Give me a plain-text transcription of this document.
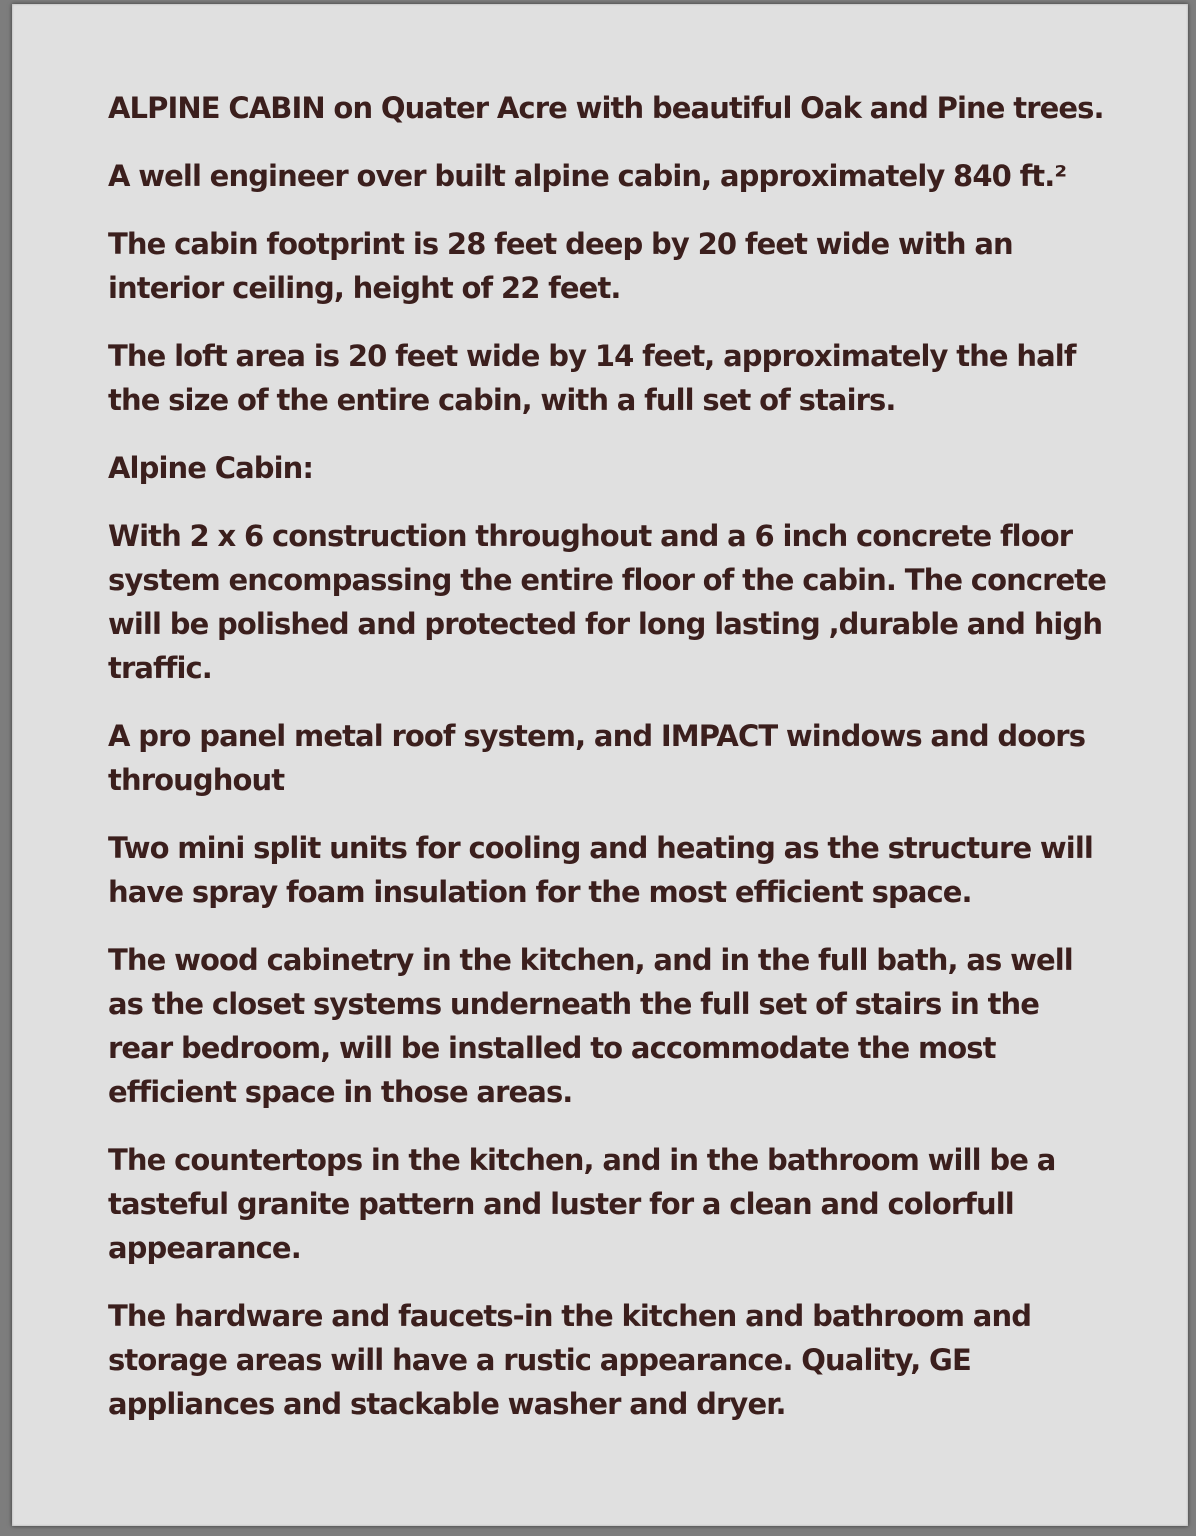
ALPINE CABIN on Quater Acre with beautiful Oak and Pine trees.

A well engineer over built alpine cabin, approximately 840 ft.²

The cabin footprint is 28 feet deep by 20 feet wide with an interior ceiling, height of 22 feet.

The loft area is 20 feet wide by 14 feet, approximately the half the size of the entire cabin, with a full set of stairs.

Alpine Cabin:

With 2 x 6 construction throughout and a 6 inch concrete floor system encompassing the entire floor of the cabin. The concrete will be polished and protected for long lasting ,durable and high traffic.

A pro panel metal roof system, and IMPACT windows and doors throughout

Two mini split units for cooling and heating as the structure will have spray foam insulation for the most efficient space.

The wood cabinetry in the kitchen, and in the full bath, as well as the closet systems underneath the full set of stairs in the rear bedroom, will be installed to accommodate the most efficient space in those areas.

The countertops in the kitchen, and in the bathroom will be a tasteful granite pattern and luster for a clean and colorfull appearance.

The hardware and faucets-in the kitchen and bathroom and storage areas will have a rustic appearance. Quality, GE appliances and stackable washer and dryer.
